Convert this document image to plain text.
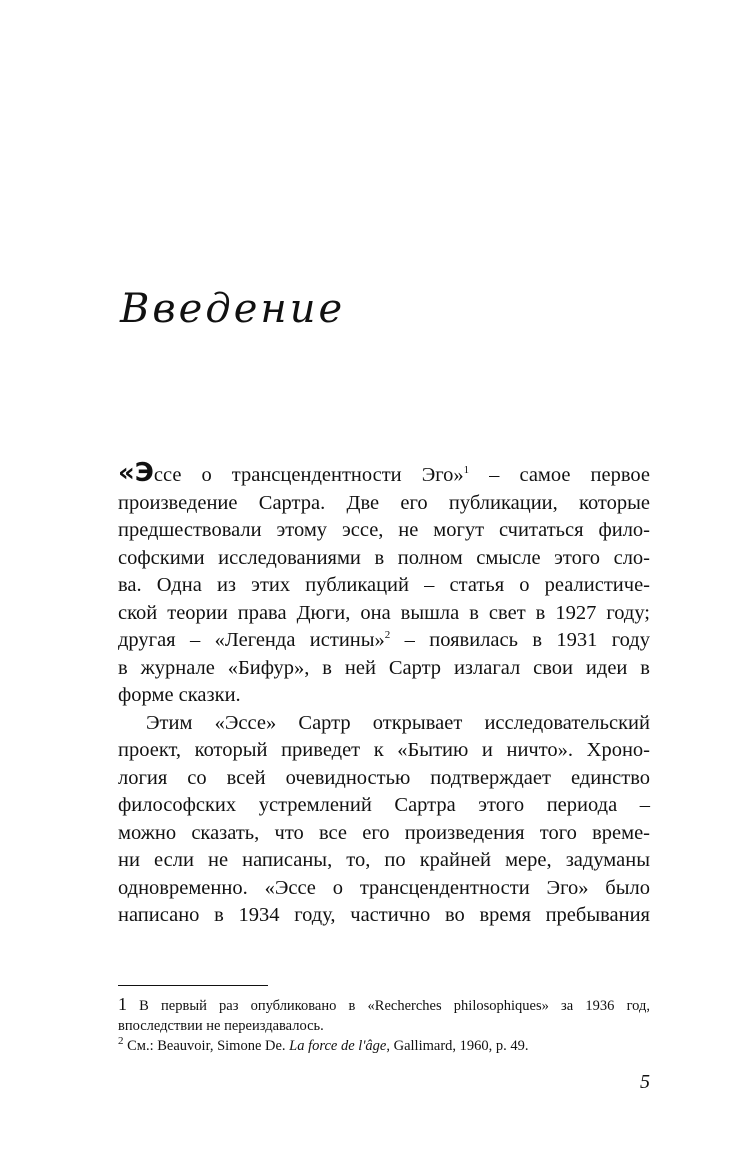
Введение

«Эcсе о трансцендентности Эго»$^1$ – самое первое
произведение Сартра. Две его публикации, которые
предшествовали этому эссе, не могут считаться фило-
софскими исследованиями в полном смысле этого сло-
ва. Одна из этих публикаций – статья о реалистиче-
ской теории права Дюги, она вышла в свет в 1927 году;
другая – «Легенда истины»$^2$ – появилась в 1931 году
в журнале «Бифур», в ней Сартр излагал свои идеи в
форме сказки.

Этим «Эссе» Сартр открывает исследовательский
проект, который приведет к «Бытию и ничто». Хроно-
логия со всей очевидностью подтверждает единство
философских устремлений Сартра этого периода –
можно сказать, что все его произведения того време-
ни если не написаны, то, по крайней мере, задуманы
одновременно. «Эссе о трансцендентности Эго» было
написано в 1934 году, частично во время пребывания

1 В первый раз опубликовано в «Recherches philosophiques» за 1936 год,
впоследствии не переиздавалось.
$^2$ См.: Beauvoir, Simone De. La force de l'âge, Gallimard, 1960, p. 49.
5
